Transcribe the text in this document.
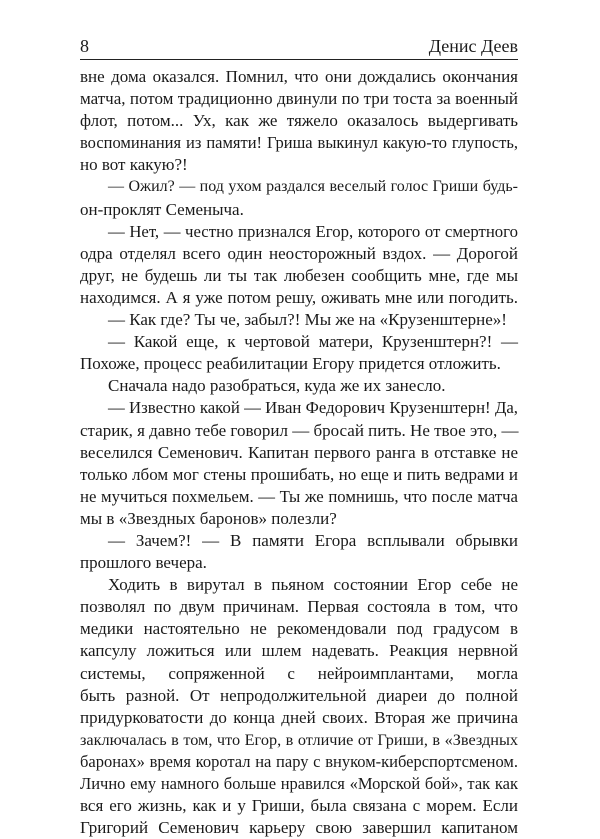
8	Денис Деев
вне дома оказался. Помнил, что они дождались окончания
матча, потом традиционно двинули по три тоста за военный
флот, потом... Ух, как же тяжело оказалось выдергивать
воспоминания из памяти! Гриша выкинул какую-то глупость,
но вот какую?!
— Ожил? — под ухом раздался веселый голос Гриши будь-
он-проклят Семеныча.
— Нет, — честно признался Егор, которого от смертного
одра отделял всего один неосторожный вздох. — Дорогой
друг, не будешь ли ты так любезен сообщить мне, где мы
находимся. А я уже потом решу, оживать мне или погодить.
— Как где? Ты че, забыл?! Мы же на «Крузенштерне»!
— Какой еще, к чертовой матери, Крузенштерн?! —
Похоже, процесс реабилитации Егору придется отложить.
Сначала надо разобраться, куда же их занесло.
— Известно какой — Иван Федорович Крузенштерн! Да,
старик, я давно тебе говорил — бросай пить. Не твое это, —
веселился Семенович. Капитан первого ранга в отставке не
только лбом мог стены прошибать, но еще и пить ведрами и
не мучиться похмельем. — Ты же помнишь, что после матча
мы в «Звездных баронов» полезли?
— Зачем?! — В памяти Егора всплывали обрывки
прошлого вечера.
Ходить в вирутал в пьяном состоянии Егор себе не
позволял по двум причинам. Первая состояла в том, что
медики настоятельно не рекомендовали под градусом в
капсулу ложиться или шлем надевать. Реакция нервной
системы, сопряженной с нейроимплантами, могла
быть разной. От непродолжительной диареи до полной
придурковатости до конца дней своих. Вторая же причина
заключалась в том, что Егор, в отличие от Гриши, в «Звездных
баронах» время коротал на пару с внуком-киберспортсменом.
Лично ему намного больше нравился «Морской бой», так как
вся его жизнь, как и у Гриши, была связана с морем. Если
Григорий Семенович карьеру свою завершил капитаном
